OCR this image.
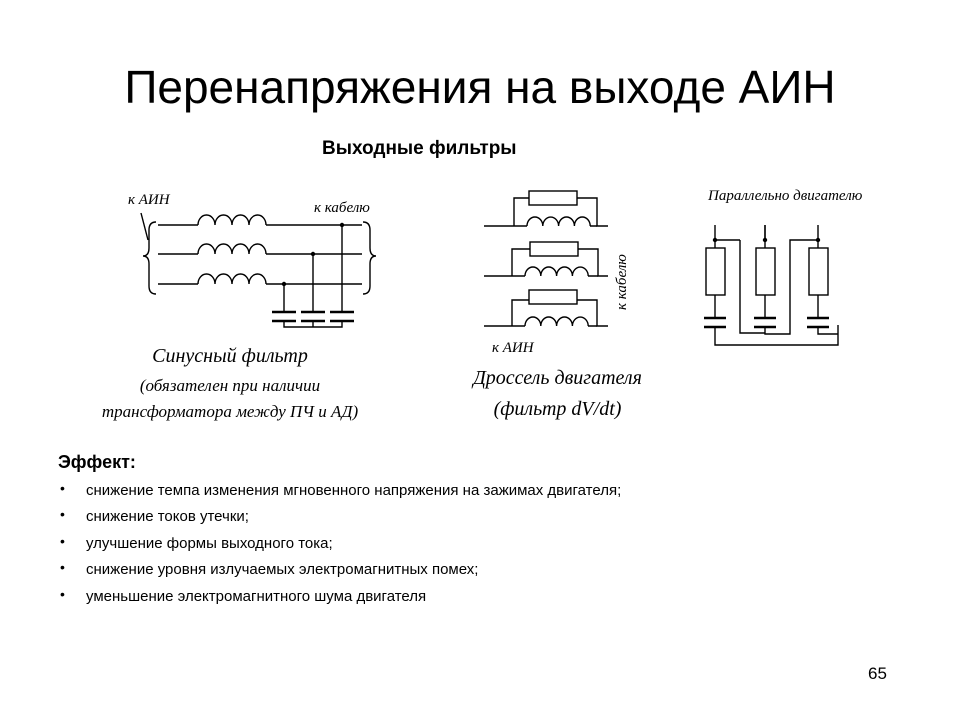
Перенапряжения на выходе АИН
Выходные фильтры
к АИН	к кабелю
Синусный фильтр
(обязателен при наличии
трансформатора между ПЧ и АД)
к АИН
к кабелю
Дроссель двигателя
(фильтр dV/dt)
Параллельно двигателю
Эффект:
• снижение темпа изменения мгновенного напряжения на зажимах двигателя;
• снижение токов утечки;
• улучшение формы выходного тока;
• снижение уровня излучаемых электромагнитных помех;
• уменьшение электромагнитного шума двигателя
65
